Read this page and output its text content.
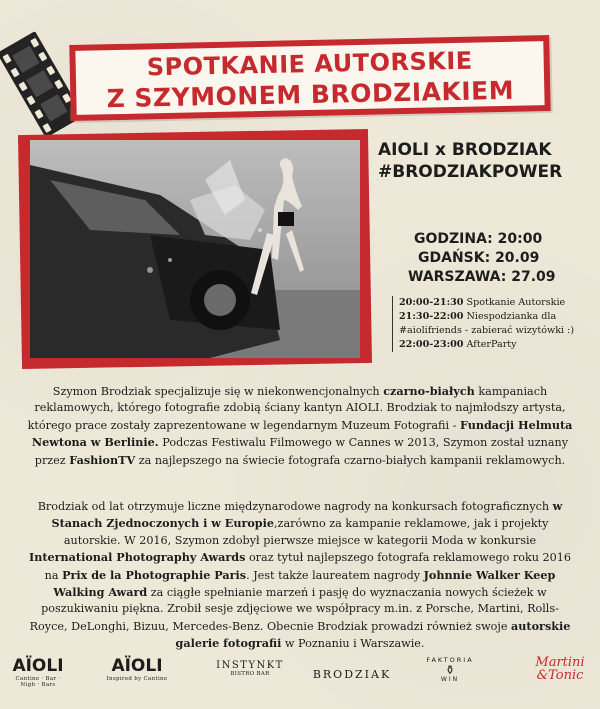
SPOTKANIE AUTORSKIE
Z SZYMONEM BRODZIAKIEM
AIOLI x BRODZIAK
#BRODZIAKPOWER
GODZINA: 20:00
GDAŃSK: 20.09
WARSZAWA: 27.09
20:00-21:30 Spotkanie Autorskie
21:30-22:00 Niespodzianka dla #aiolifriends - zabierać wizytówki :)
22:00-23:00 AfterParty
Szymon Brodziak specjalizuje się w niekonwencjonalnych czarno-białych kampaniach reklamowych, którego fotografie zdobią ściany kantyn AIOLI. Brodziak to najmłodszy artysta, którego prace zostały zaprezentowane w legendarnym Muzeum Fotografii - Fundacji Helmuta Newtona w Berlinie. Podczas Festiwalu Filmowego w Cannes w 2013, Szymon został uznany przez FashionTV za najlepszego na świecie fotografa czarno-białych kampanii reklamowych.
Brodziak od lat otrzymuje liczne międzynarodowe nagrody na konkursach fotograficznych w Stanach Zjednoczonych i w Europie,zarówno za kampanie reklamowe, jak i projekty autorskie. W 2016, Szymon zdobył pierwsze miejsce w kategorii Moda w konkursie International Photography Awards oraz tytuł najlepszego fotografa reklamowego roku 2016 na Prix de la Photographie Paris. Jest także laureatem nagrody Johnnie Walker Keep Walking Award za ciągłe spełnianie marzeń i pasję do wyznaczania nowych ścieżek w poszukiwaniu piękna. Zrobił sesje zdjęciowe we współpracy m.in. z Porsche, Martini, Rolls-Royce, DeLonghi, Bizuu, Mercedes-Benz. Obecnie Brodziak prowadzi również swoje autorskie galerie fotografii w Poznaniu i Warszawie.
AÏOLI
Cantine · Bar · Nigh · Bars
AÏOLI
Inspired by Cantine
INSTYNKT
BISTRO BAR	BRODZIAK
FAKTORIA
⚱
WIN
Martini
&Tonic
